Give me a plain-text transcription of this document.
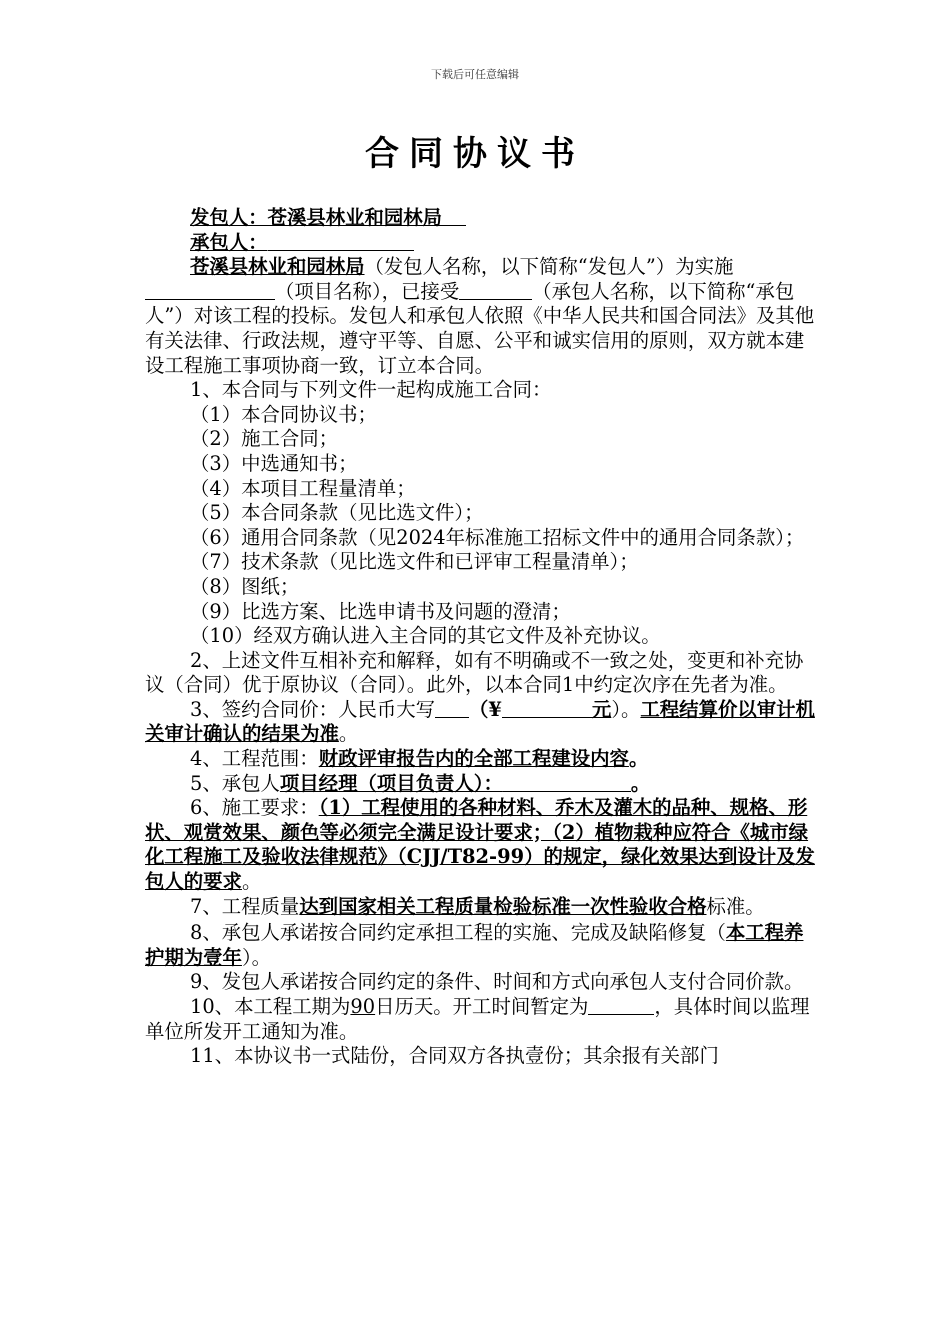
下载后可任意编辑
合同协议书

发包人：苍溪县林业和园林局

承包人：

苍溪县林业和园林局（发包人名称，以下简称“发包人”）为实施（项目名称），已接受	（承包人名称，以下简称“承包人”）对该工程的投标。发包人和承包人依照《中华人民共和国合同法》及其他有关法律、行政法规，遵守平等、自愿、公平和诚实信用的原则，双方就本建设工程施工事项协商一致，订立本合同。

1、本合同与下列文件一起构成施工合同：

（1）本合同协议书；

（2）施工合同；

（3）中选通知书；

（4）本项目工程量清单；

（5）本合同条款（见比选文件）；

（6）通用合同条款（见2024年标准施工招标文件中的通用合同条款）；

（7）技术条款（见比选文件和已评审工程量清单）；

（8）图纸；

（9）比选方案、比选申请书及问题的澄清；

（10）经双方确认进入主合同的其它文件及补充协议。

2、上述文件互相补充和解释，如有不明确或不一致之处，变更和补充协议（合同）优于原协议（合同）。此外，以本合同1中约定次序在先者为准。

3、签约合同价：人民币大写 （¥	元）。工程结算价以审计机关审计确认的结果为准。

4、工程范围：财政评审报告内的全部工程建设内容。

5、承包人项目经理（项目负责人）：	。

6、施工要求：（1）工程使用的各种材料、乔木及灌木的品种、规格、形状、观赏效果、颜色等必须完全满足设计要求；（2）植物栽种应符合《城市绿化工程施工及验收法律规范》（CJJ/T82-99）的规定，绿化效果达到设计及发包人的要求。

7、工程质量达到国家相关工程质量检验标准一次性验收合格标准。

8、承包人承诺按合同约定承担工程的实施、完成及缺陷修复（本工程养护期为壹年）。

9、发包人承诺按合同约定的条件、时间和方式向承包人支付合同价款。

10、本工程工期为90日历天。开工时间暂定为	，具体时间以监理单位所发开工通知为准。

11、本协议书一式陆份，合同双方各执壹份；其余报有关部门
